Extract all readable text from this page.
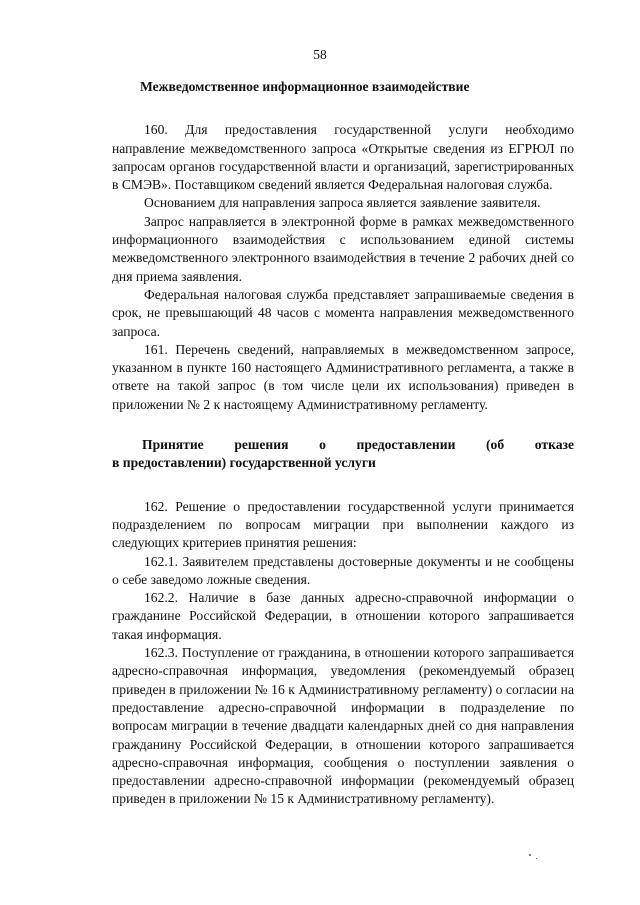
58

Межведомственное информационное взаимодействие

160. Для предоставления государственной услуги необходимо направление межведомственного запроса «Открытые сведения из ЕГРЮЛ по запросам органов государственной власти и организаций, зарегистрированных в СМЭВ». Поставщиком сведений является Федеральная налоговая служба.

Основанием для направления запроса является заявление заявителя.

Запрос направляется в электронной форме в рамках межведомственного информационного взаимодействия с использованием единой системы межведомственного электронного взаимодействия в течение 2 рабочих дней со дня приема заявления.

Федеральная налоговая служба представляет запрашиваемые сведения в срок, не превышающий 48 часов с момента направления межведомственного запроса.

161. Перечень сведений, направляемых в межведомственном запросе, указанном в пункте 160 настоящего Административного регламента, а также в ответе на такой запрос (в том числе цели их использования) приведен в приложении № 2 к настоящему Административному регламенту.

Принятие решения о предоставлении (об отказе

в предоставлении) государственной услуги

162. Решение о предоставлении государственной услуги принимается подразделением по вопросам миграции при выполнении каждого из следующих критериев принятия решения:

162.1. Заявителем представлены достоверные документы и не сообщены о себе заведомо ложные сведения.

162.2. Наличие в базе данных адресно-справочной информации о гражданине Российской Федерации, в отношении которого запрашивается такая информация.

162.3. Поступление от гражданина, в отношении которого запрашивается адресно-справочная информация, уведомления (рекомендуемый образец приведен в приложении № 16 к Административному регламенту) о согласии на предоставление адресно-справочной информации в подразделение по вопросам миграции в течение двадцати календарных дней со дня направления гражданину Российской Федерации, в отношении которого запрашивается адресно-справочная информация, сообщения о поступлении заявления о предоставлении адресно-справочной информации (рекомендуемый образец приведен в приложении № 15 к Административному регламенту).
